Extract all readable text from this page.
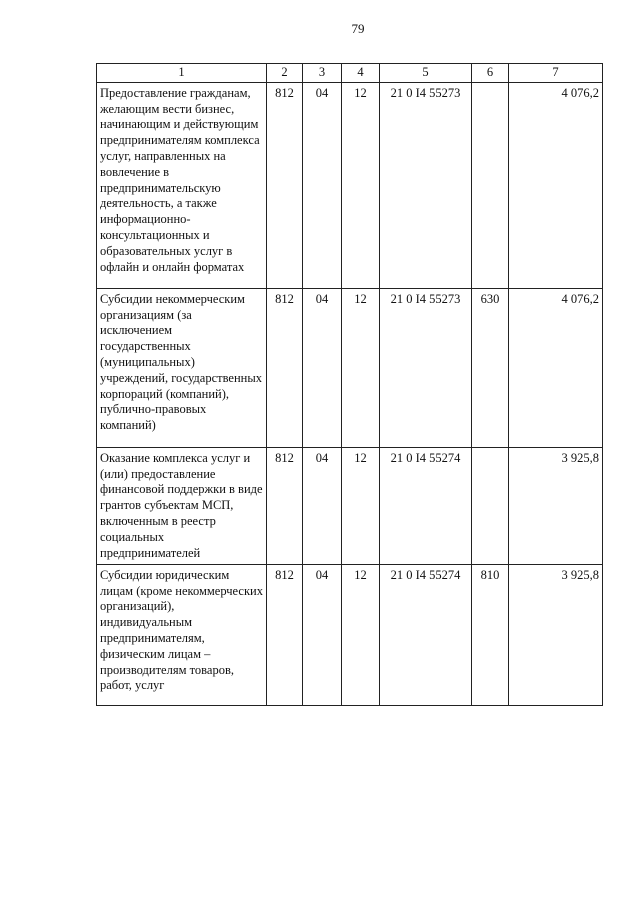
79
1	2	3	4	5	6	7
Предоставление гражданам, желающим вести бизнес, начинающим и действующим предпринимателям комплекса услуг, направленных на вовлечение в предпринимательскую деятельность, а также информационно-консультационных и образовательных услуг в офлайн и онлайн форматах	812	04	12	21 0 I4 55273		4 076,2
Субсидии некоммерческим организациям (за исключением государственных (муниципальных) учреждений, государственных корпораций (компаний), публично-правовых компаний)	812	04	12	21 0 I4 55273	630	4 076,2
Оказание комплекса услуг и (или) предоставление финансовой поддержки в виде грантов субъектам МСП, включенным в реестр социальных предпринимателей	812	04	12	21 0 I4 55274		3 925,8
Субсидии юридическим лицам (кроме некоммерческих организаций), индивидуальным предпринимателям, физическим лицам – производителям товаров, работ, услуг	812	04	12	21 0 I4 55274	810	3 925,8
